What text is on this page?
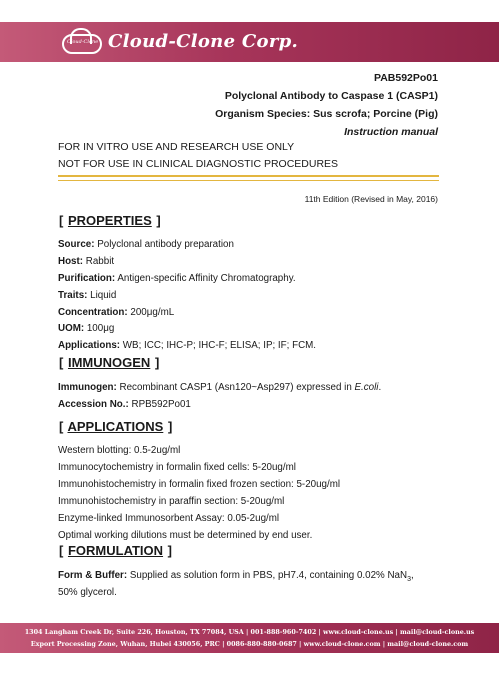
Cloud-Clone Cloud-Clone Corp.
PAB592Po01
Polyclonal Antibody to Caspase 1 (CASP1)
Organism Species: Sus scrofa; Porcine (Pig)
Instruction manual
FOR IN VITRO USE AND RESEARCH USE ONLY
NOT FOR USE IN CLINICAL DIAGNOSTIC PROCEDURES
11th Edition (Revised in May, 2016)
[ PROPERTIES ]
Source: Polyclonal antibody preparation
Host: Rabbit
Purification: Antigen-specific Affinity Chromatography.
Traits: Liquid
Concentration: 200μg/mL
UOM: 100μg
Applications: WB; ICC; IHC-P; IHC-F; ELISA; IP; IF; FCM.
[ IMMUNOGEN ]
Immunogen: Recombinant CASP1 (Asn120~Asp297) expressed in E.coli.
Accession No.: RPB592Po01
[ APPLICATIONS ]
Western blotting: 0.5-2ug/ml
Immunocytochemistry in formalin fixed cells: 5-20ug/ml
Immunohistochemistry in formalin fixed frozen section: 5-20ug/ml
Immunohistochemistry in paraffin section: 5-20ug/ml
Enzyme-linked Immunosorbent Assay: 0.05-2ug/ml
Optimal working dilutions must be determined by end user.
[ FORMULATION ]
Form & Buffer: Supplied as solution form in PBS, pH7.4, containing 0.02% NaN$_3$,
50% glycerol.
1304 Langham Creek Dr, Suite 226, Houston, TX 77084, USA | 001-888-960-7402 | www.cloud-clone.us | mail@cloud-clone.us
Export Processing Zone, Wuhan, Hubei 430056, PRC | 0086-880-880-0687 | www.cloud-clone.com | mail@cloud-clone.com
